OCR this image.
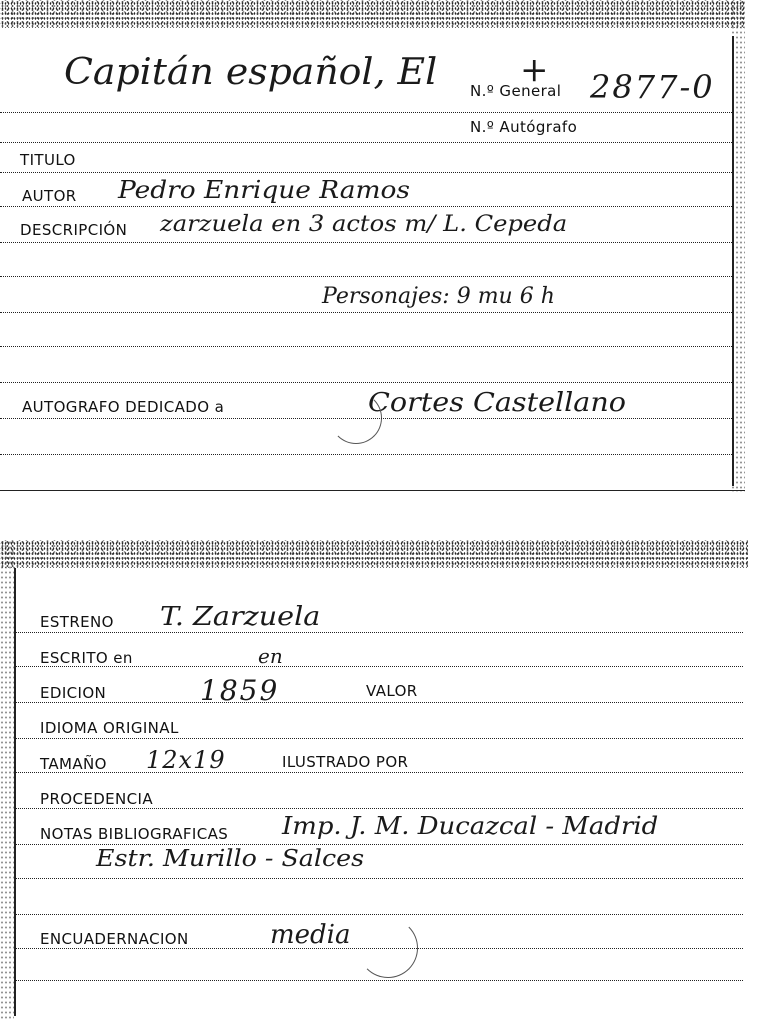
Capitán español, El N.º General
+ 2877-0
N.º Autógrafo
TITULO
AUTOR Pedro Enrique Ramos
DESCRIPCIÓN zarzuela en 3 actos m/ L. Cepeda
Personajes: 9 mu 6 h
AUTOGRAFO DEDICADO a	Cortes Castellano
ESTRENO T. Zarzuela
ESCRITO en	en
EDICION	1859	VALOR
IDIOMA ORIGINAL
TAMAÑO 12x19	ILUSTRADO POR
PROCEDENCIA
NOTAS BIBLIOGRAFICAS Imp. J. M. Ducazcal - Madrid
Estr. Murillo - Salces
ENCUADERNACION	media
